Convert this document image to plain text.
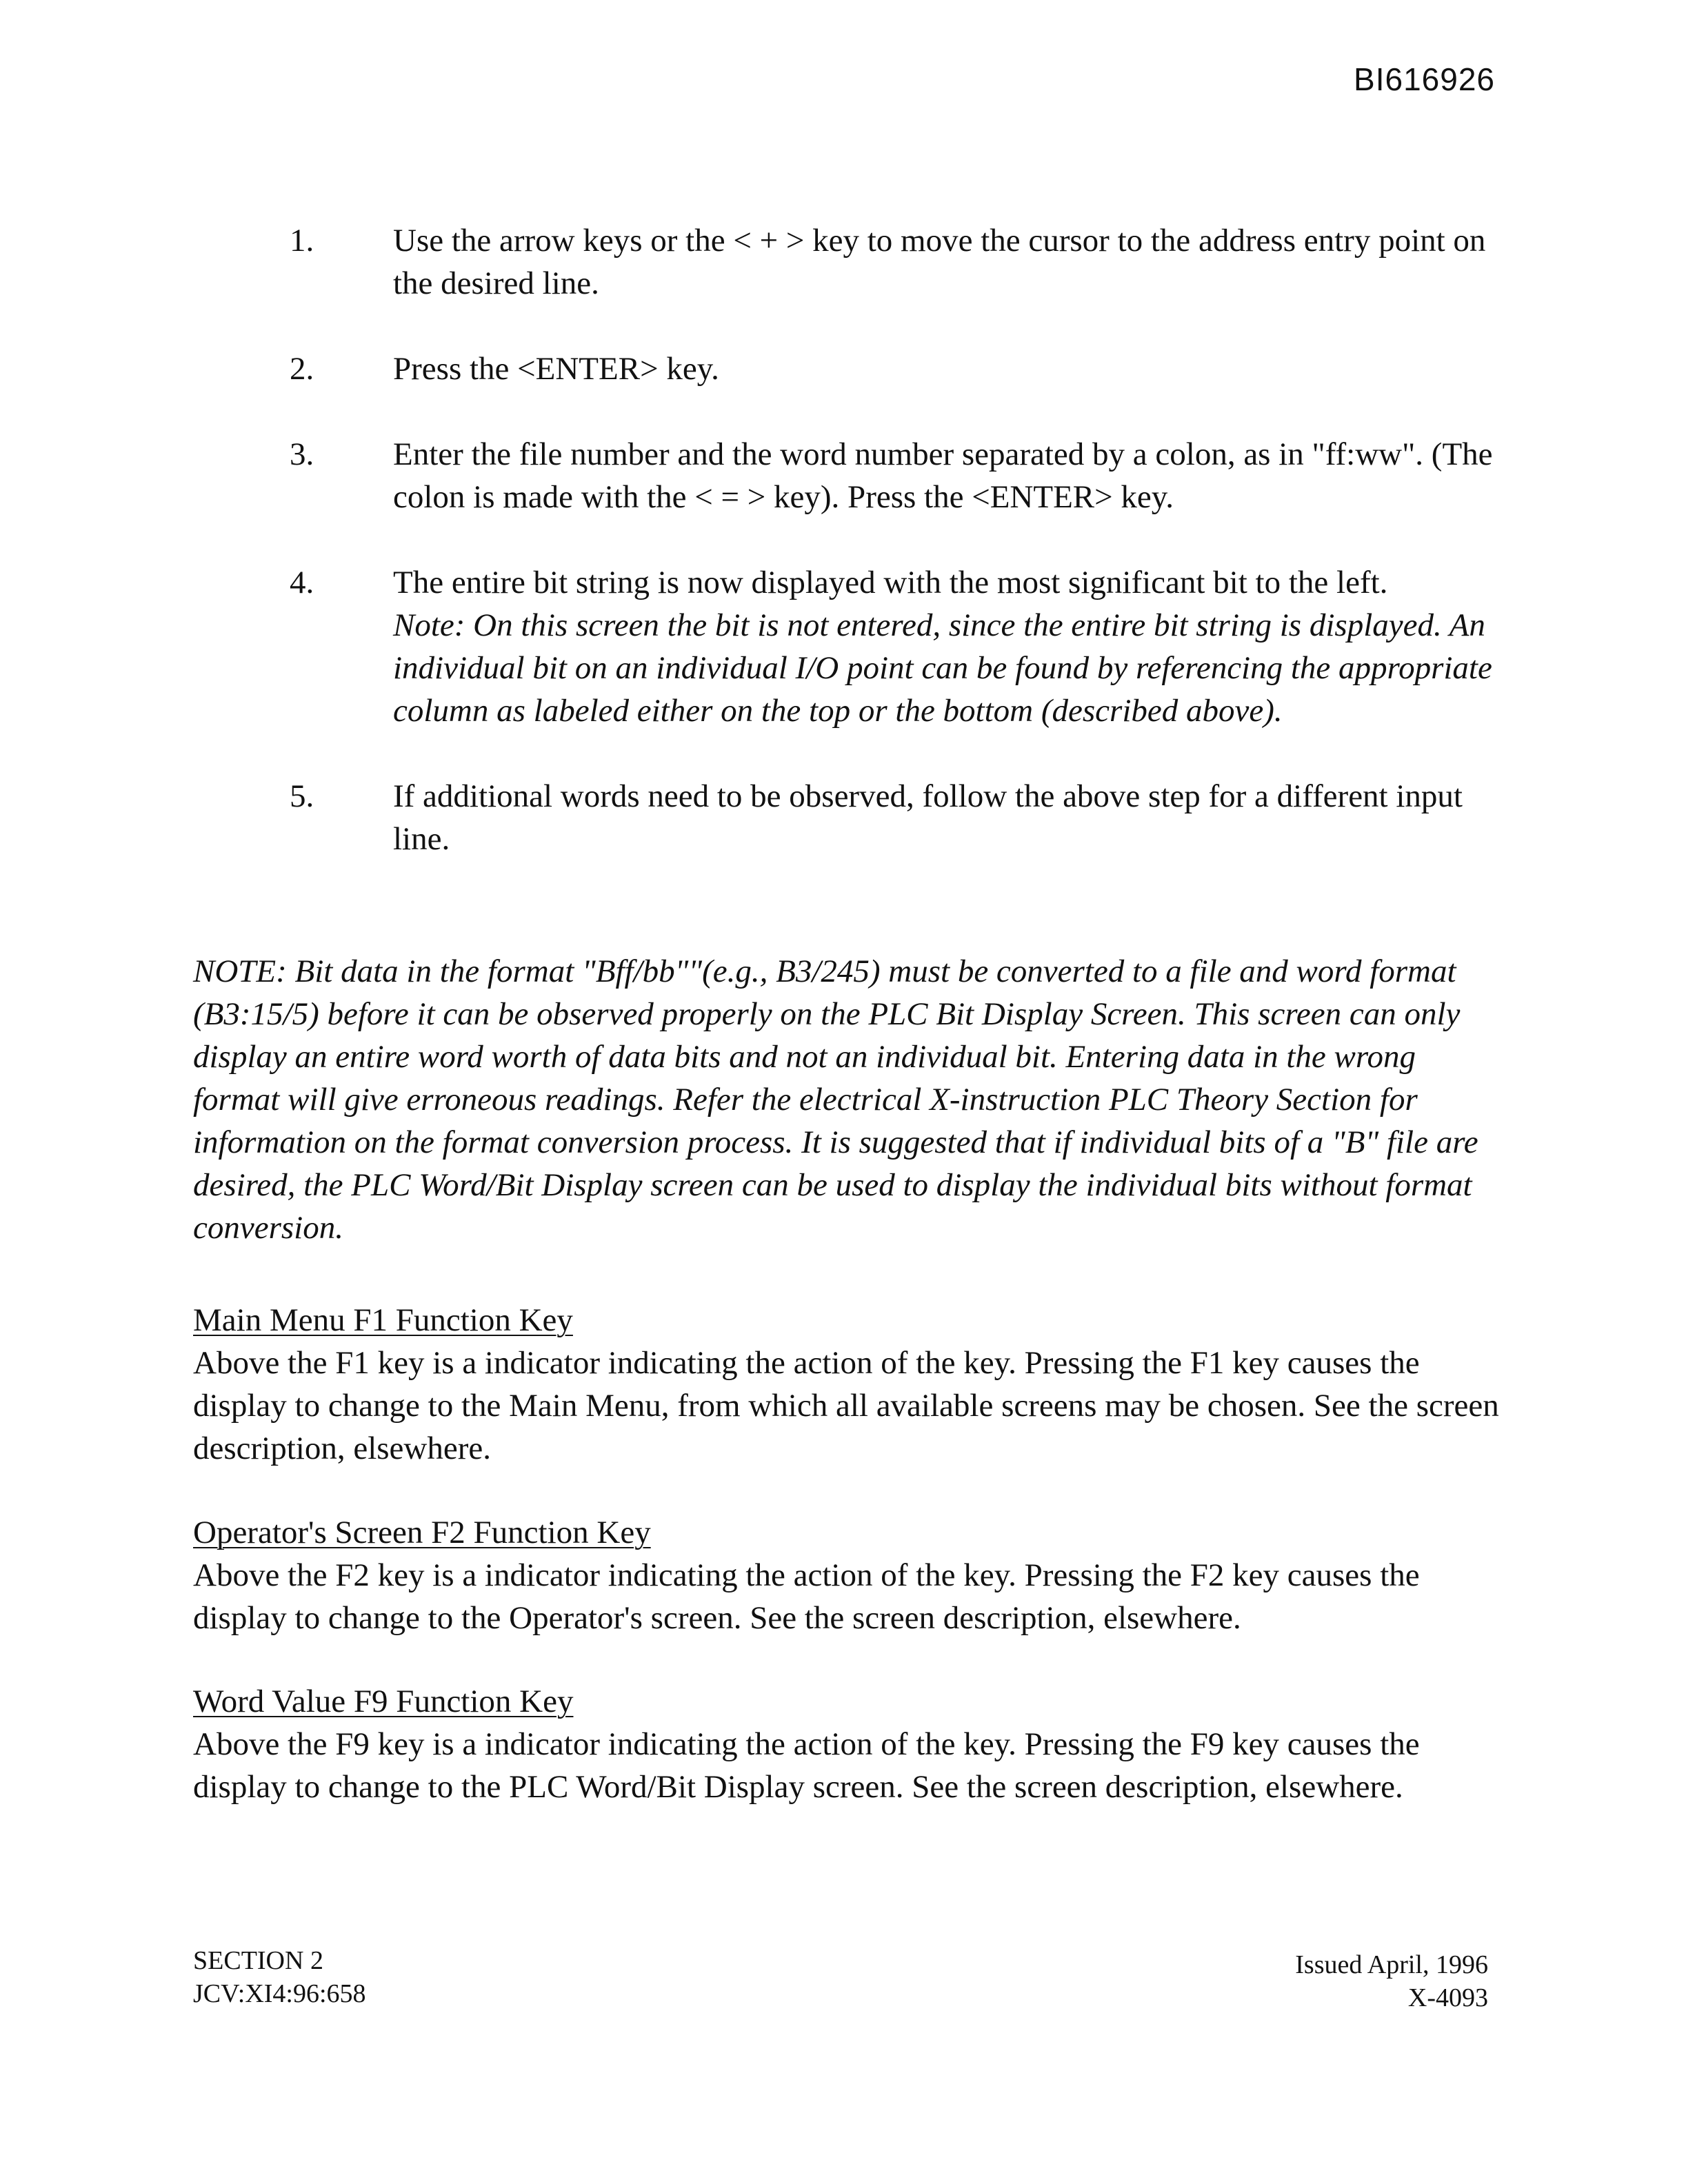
BI616926
1. Use the arrow keys or the < + > key to move the cursor to the address entry point on the desired line.
2. Press the <ENTER> key.
3. Enter the file number and the word number separated by a colon, as in "ff:ww". (The colon is made with the < = > key). Press the <ENTER> key.
4. The entire bit string is now displayed with the most significant bit to the left.
Note: On this screen the bit is not entered, since the entire bit string is displayed. An individual bit on an individual I/O point can be found by referencing the appropriate column as labeled either on the top or the bottom (described above).
5. If additional words need to be observed, follow the above step for a different input line.
NOTE: Bit data in the format "Bff/bb""(e.g., B3/245) must be converted to a file and word format (B3:15/5) before it can be observed properly on the PLC Bit Display Screen. This screen can only display an entire word worth of data bits and not an individual bit. Entering data in the wrong format will give erroneous readings. Refer the electrical X-instruction PLC Theory Section for information on the format conversion process. It is suggested that if individual bits of a "B" file are desired, the PLC Word/Bit Display screen can be used to display the individual bits without format conversion.
Main Menu F1 Function Key
Above the F1 key is a indicator indicating the action of the key. Pressing the F1 key causes the display to change to the Main Menu, from which all available screens may be chosen. See the screen description, elsewhere.
Operator's Screen F2 Function Key
Above the F2 key is a indicator indicating the action of the key. Pressing the F2 key causes the display to change to the Operator's screen. See the screen description, elsewhere.
Word Value F9 Function Key
Above the F9 key is a indicator indicating the action of the key. Pressing the F9 key causes the display to change to the PLC Word/Bit Display screen. See the screen description, elsewhere.
SECTION 2
JCV:XI4:96:658
Issued April, 1996
X-4093
